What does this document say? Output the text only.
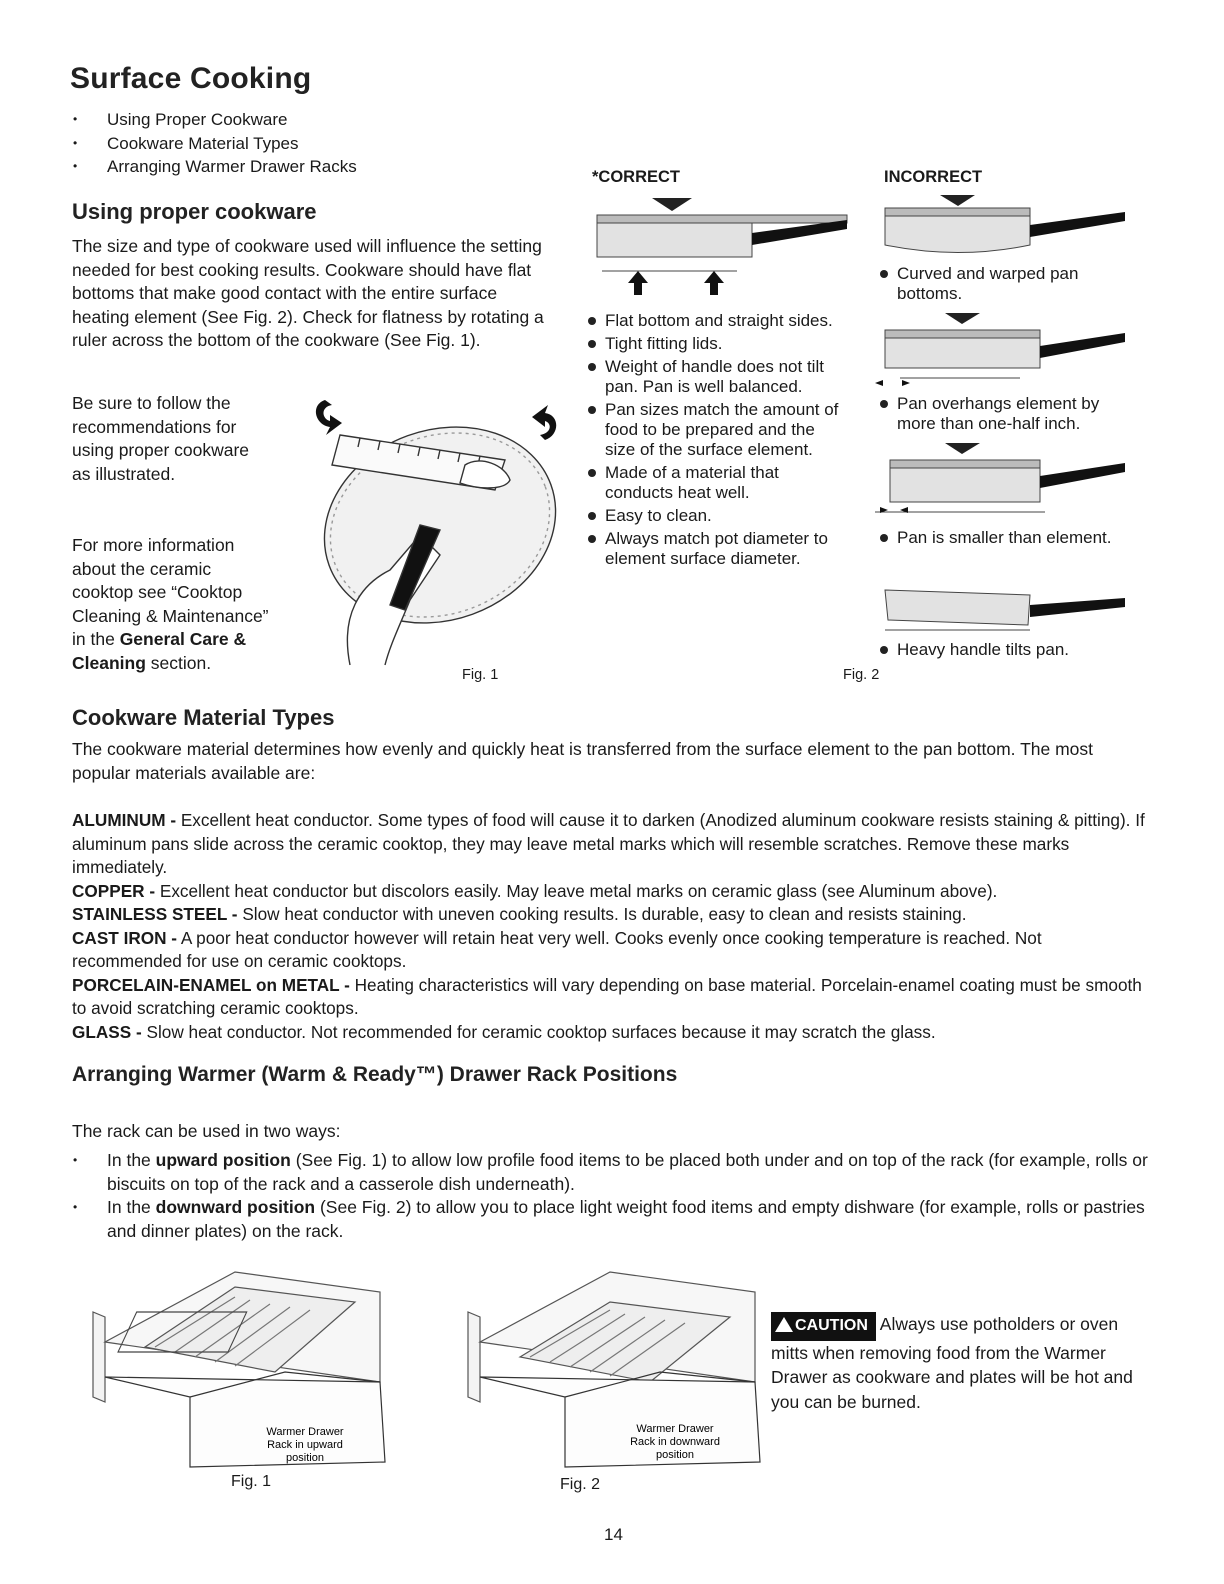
Surface Cooking
• Using Proper Cookware
• Cookware Material Types
• Arranging Warmer Drawer Racks
Using proper cookware
The size and type of cookware used will influence the setting needed for best cooking results. Cookware should have flat bottoms that make good contact with the entire surface heating element (See Fig. 2). Check for flatness by rotating a ruler across the bottom of the cookware (See Fig. 1).
Be sure to follow the recommendations for using proper cookware as illustrated.
For more information about the ceramic cooktop see “Cooktop Cleaning & Maintenance” in the General Care & Cleaning section.
Fig. 1
*CORRECT
Flat bottom and straight sides.
Tight fitting lids.
Weight of handle does not tilt pan. Pan is well balanced.
Pan sizes match the amount of food to be prepared and the size of the surface element.
Made of a material that conducts heat well.
Easy to clean.
Always match pot diameter to element surface diameter.
INCORRECT
Curved and warped pan bottoms.
Pan overhangs element by more than one-half inch.
Pan is smaller than element.
Heavy handle tilts pan.
Fig. 2
Cookware Material Types
The cookware material determines how evenly and quickly heat is transferred from the surface element to the pan bottom. The most popular materials available are:

ALUMINUM - Excellent heat conductor. Some types of food will cause it to darken (Anodized aluminum cookware resists staining & pitting). If aluminum pans slide across the ceramic cooktop, they may leave metal marks which will resemble scratches. Remove these marks immediately.

COPPER - Excellent heat conductor but discolors easily. May leave metal marks on ceramic glass (see Aluminum above).

STAINLESS STEEL - Slow heat conductor with uneven cooking results. Is durable, easy to clean and resists staining.

CAST IRON - A poor heat conductor however will retain heat very well. Cooks evenly once cooking temperature is reached. Not recommended for use on ceramic cooktops.

PORCELAIN-ENAMEL on METAL - Heating characteristics will vary depending on base material. Porcelain-enamel coating must be smooth to avoid scratching ceramic cooktops.

GLASS - Slow heat conductor. Not recommended for ceramic cooktop surfaces because it may scratch the glass.

Arranging Warmer (Warm & Ready™) Drawer Rack Positions
The rack can be used in two ways:
• In the upward position (See Fig. 1) to allow low profile food items to be placed both under and on top of the rack (for example, rolls or biscuits on top of the rack and a casserole dish underneath).
• In the downward position (See Fig. 2) to allow you to place light weight food items and empty dishware (for example, rolls or pastries and dinner plates) on the rack.
Warmer Drawer
Rack in upward
position
Fig. 1
Warmer Drawer
Rack in downward
position
Fig. 2
CAUTION Always use potholders or oven mitts when removing food from the Warmer Drawer as cookware and plates will be hot and you can be burned.
14
